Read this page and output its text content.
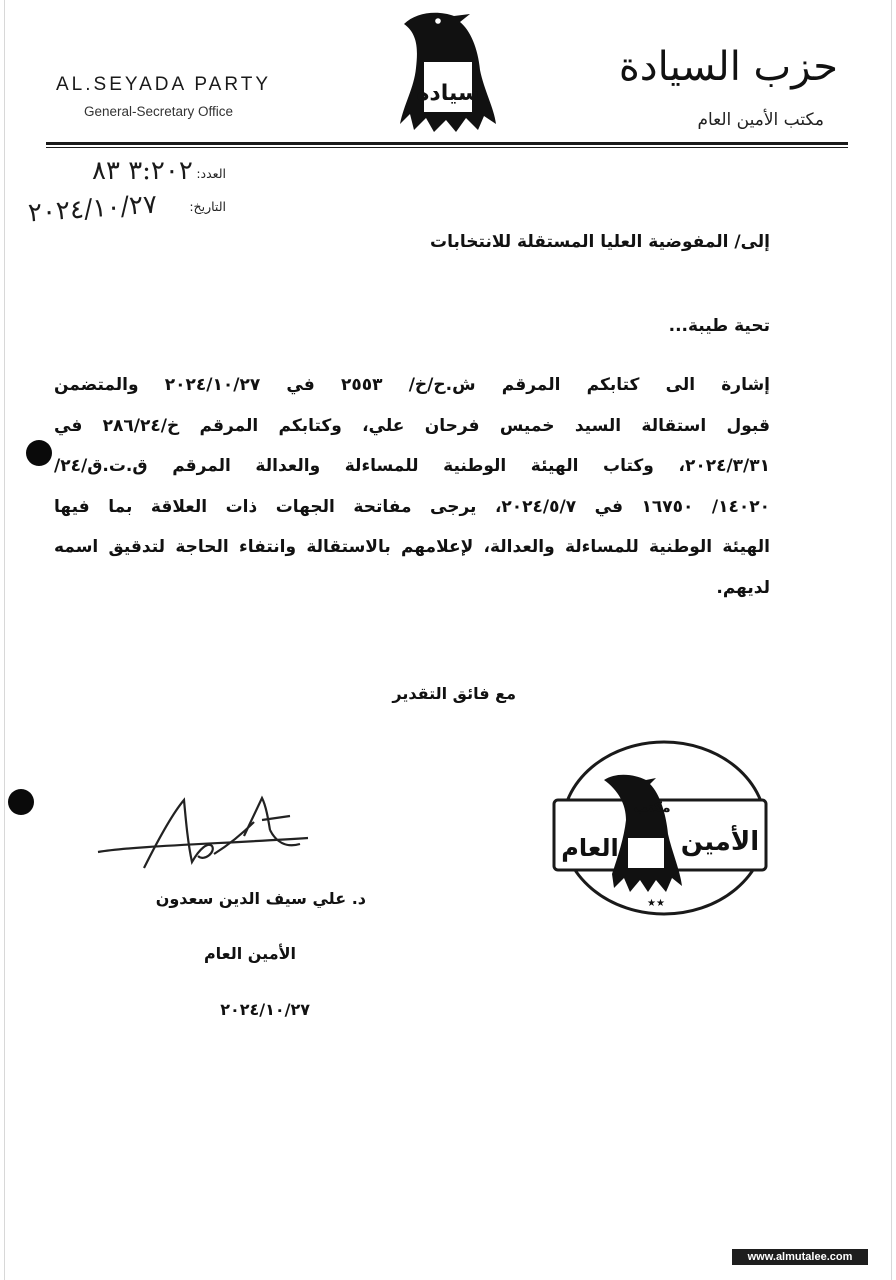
AL.SEYADA PARTY
General-Secretary Office
حزب السيادة
مكتب الأمين العام
سيادة
العدد:
٣:٢٠٢ ٨٣
التاريخ:
٢٠٢٤/١٠/٢٧
إلى/ المفوضية العليا المستقلة للانتخابات
تحية طيبة...
إشارة الى كتابكم المرقم ش.ح/خ/ ٢٥٥٣ في ٢٠٢٤/١٠/٢٧ والمتضمن
قبول استقالة السيد خميس فرحان علي، وكتابكم المرقم خ/٢٨٦/٢٤ في
٢٠٢٤/٣/٣١، وكتاب الهيئة الوطنية للمساءلة والعدالة المرقم ق.ت.ق/٢٤/
١٤٠٢٠/ ١٦٧٥٠ في ٢٠٢٤/٥/٧، يرجى مفاتحة الجهات ذات العلاقة بما فيها
الهيئة الوطنية للمساءلة والعدالة، لإعلامهم بالاستقالة وانتفاء الحاجة لتدقيق اسمه
لديهم.
مع فائق التقدير
مكتب
الأمين
العام
★★
د. علي سيف الدين سعدون
الأمين العام
٢٠٢٤/١٠/٢٧
www.almutalee.com
